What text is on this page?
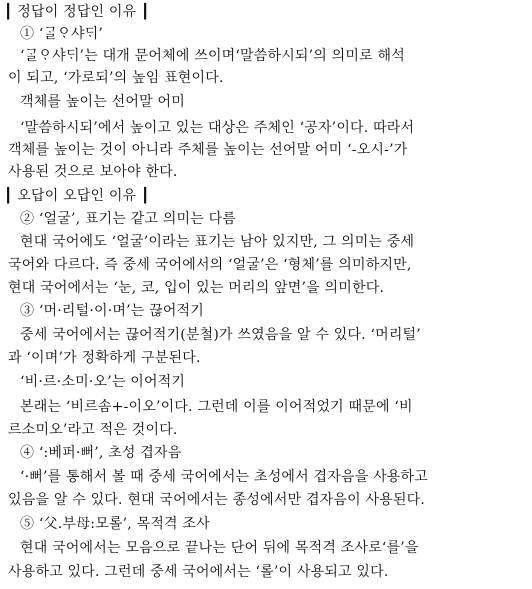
┃ 정답이 정답인 이유 ┃
① ‘ᄀᆞᆯᄋᆞ샤ᄃᆡ’
‘ᄀᆞᆯᄋᆞ샤ᄃᆡ’는 대개 문어체에 쓰이며‘말씀하시되’의 의미로 해석
이 되고, ‘가로되’의 높임 표현이다.
객체를 높이는 선어말 어미
‘말씀하시되’에서 높이고 있는 대상은 주체인 ‘공자’이다. 따라서
객체를 높이는 것이 아니라 주체를 높이는 선어말 어미 ‘-오시-’가
사용된 것으로 보아야 한다.
┃ 오답이 오답인 이유 ┃
② ‘얼굴’, 표기는 같고 의미는 다름
현대 국어에도 ‘얼굴’이라는 표기는 남아 있지만, 그 의미는 중세
국어와 다르다. 즉 중세 국어에서의 ‘얼굴’은 ‘형체’를 의미하지만,
현대 국어에서는 ‘눈, 코, 입이 있는 머리의 앞면’을 의미한다.
③ ‘머·리털·이·며’는 끊어적기
중세 국어에서는 끊어적기(분철)가 쓰였음을 알 수 있다. ‘머리털’
과 ‘이며’가 정확하게 구분된다.
‘비·르·소미·오’는 이어적기
본래는 ‘비르솜+-이오’이다. 그런데 이를 이어적었기 때문에 ‘비
르소미오’라고 적은 것이다.
④ ‘:베퍼·뻐’, 초성 겹자음
‘·뻐’를 통해서 볼 때 중세 국어에서는 초성에서 겹자음을 사용하고
있음을 알 수 있다. 현대 국어에서는 종성에서만 겹자음이 사용된다.
⑤ ‘父.부母:모롤’, 목적격 조사
현대 국어에서는 모음으로 끝나는 단어 뒤에 목적격 조사로‘를’을
사용하고 있다. 그런데 중세 국어에서는 ‘롤’이 사용되고 있다.
